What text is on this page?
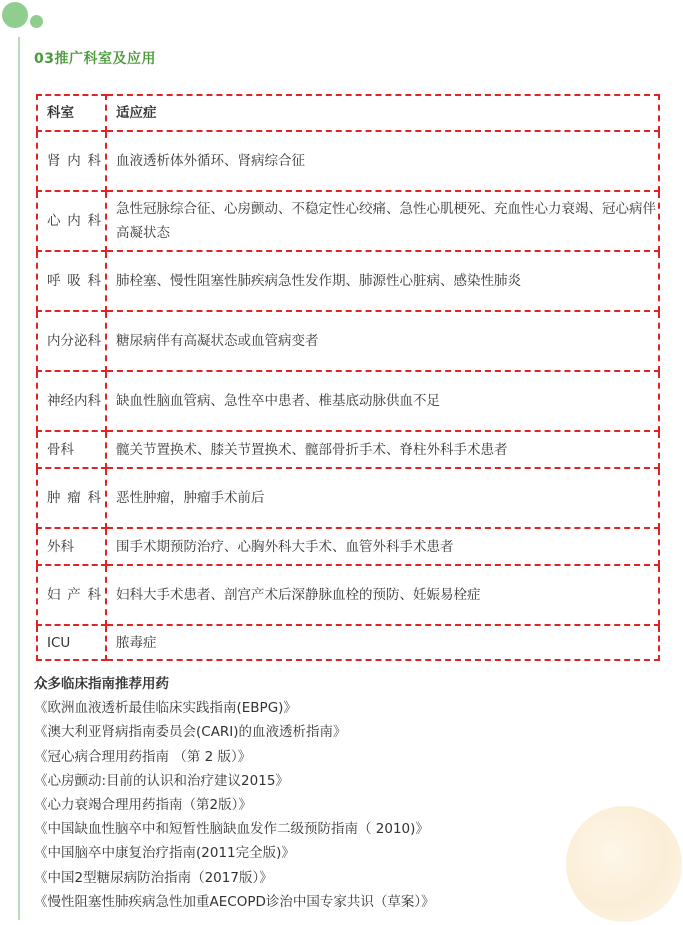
03推广科室及应用
科室	适应症
肾内科	血液透析体外循环、肾病综合征
心内科	急性冠脉综合征、心房颤动、不稳定性心绞痛、急性心肌梗死、充血性心力衰竭、冠心病伴高凝状态
呼吸科	肺栓塞、慢性阻塞性肺疾病急性发作期、肺源性心脏病、感染性肺炎
内分泌科	糖尿病伴有高凝状态或血管病变者
神经内科	缺血性脑血管病、急性卒中患者、椎基底动脉供血不足
骨科	髋关节置换术、膝关节置换术、髋部骨折手术、脊柱外科手术患者
肿瘤科	恶性肿瘤，肿瘤手术前后
外科	围手术期预防治疗、心胸外科大手术、血管外科手术患者
妇产科	妇科大手术患者、剖宫产术后深静脉血栓的预防、妊娠易栓症
ICU	脓毒症
众多临床指南推荐用药
《欧洲血液透析最佳临床实践指南(EBPG)》
《澳大利亚肾病指南委员会(CARI)的血液透析指南》
《冠心病合理用药指南 （第 2 版）》
《心房颤动:目前的认识和治疗建议2015》
《心力衰竭合理用药指南（第2版）》
《中国缺血性脑卒中和短暂性脑缺血发作二级预防指南（ 2010)》
《中国脑卒中康复治疗指南(2011完全版)》
《中国2型糖尿病防治指南（2017版）》
《慢性阻塞性肺疾病急性加重AECOPD诊治中国专家共识（草案）》
